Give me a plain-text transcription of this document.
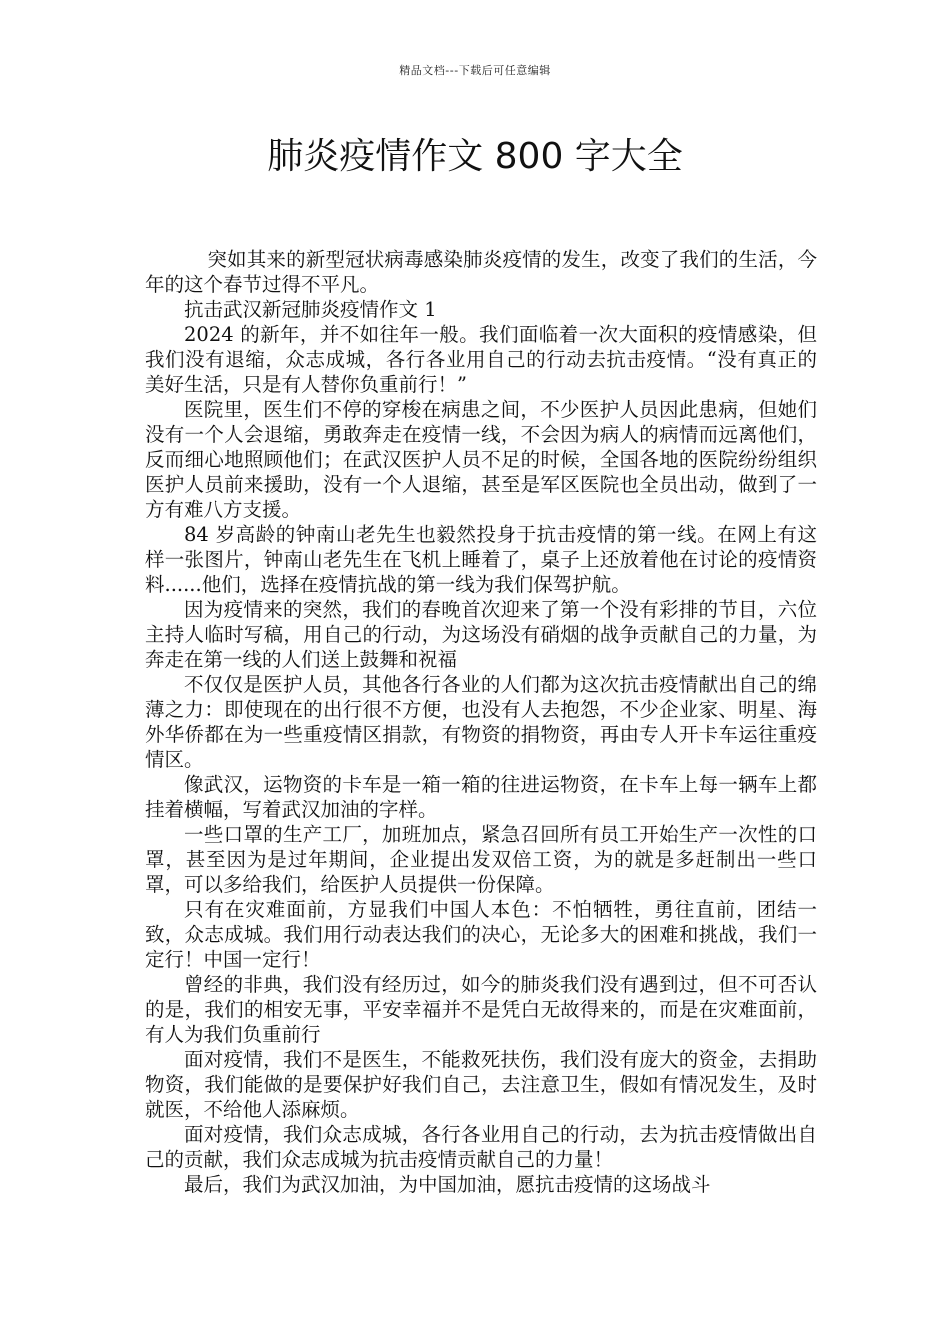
精品文档---下载后可任意编辑
肺炎疫情作文 800 字大全

突如其来的新型冠状病毒感染肺炎疫情的发生，改变了我们的生活，今年的这个春节过得不平凡。

抗击武汉新冠肺炎疫情作文 1

2024 的新年，并不如往年一般。我们面临着一次大面积的疫情感染，但我们没有退缩，众志成城，各行各业用自己的行动去抗击疫情。“没有真正的美好生活，只是有人替你负重前行！”

医院里，医生们不停的穿梭在病患之间，不少医护人员因此患病，但她们没有一个人会退缩，勇敢奔走在疫情一线，不会因为病人的病情而远离他们，反而细心地照顾他们；在武汉医护人员不足的时候，全国各地的医院纷纷组织医护人员前来援助，没有一个人退缩，甚至是军区医院也全员出动，做到了一方有难八方支援。

84 岁高龄的钟南山老先生也毅然投身于抗击疫情的第一线。在网上有这样一张图片，钟南山老先生在飞机上睡着了，桌子上还放着他在讨论的疫情资料......他们，选择在疫情抗战的第一线为我们保驾护航。

因为疫情来的突然，我们的春晚首次迎来了第一个没有彩排的节目，六位主持人临时写稿，用自己的行动，为这场没有硝烟的战争贡献自己的力量，为奔走在第一线的人们送上鼓舞和祝福

不仅仅是医护人员，其他各行各业的人们都为这次抗击疫情献出自己的绵薄之力：即使现在的出行很不方便，也没有人去抱怨，不少企业家、明星、海外华侨都在为一些重疫情区捐款，有物资的捐物资，再由专人开卡车运往重疫情区。

像武汉，运物资的卡车是一箱一箱的往进运物资，在卡车上每一辆车上都挂着横幅，写着武汉加油的字样。

一些口罩的生产工厂，加班加点，紧急召回所有员工开始生产一次性的口罩，甚至因为是过年期间，企业提出发双倍工资，为的就是多赶制出一些口罩，可以多给我们，给医护人员提供一份保障。

只有在灾难面前，方显我们中国人本色：不怕牺牲，勇往直前，团结一致，众志成城。我们用行动表达我们的决心，无论多大的困难和挑战，我们一定行！中国一定行！

曾经的非典，我们没有经历过，如今的肺炎我们没有遇到过，但不可否认的是，我们的相安无事，平安幸福并不是凭白无故得来的，而是在灾难面前，有人为我们负重前行

面对疫情，我们不是医生，不能救死扶伤，我们没有庞大的资金，去捐助物资，我们能做的是要保护好我们自己，去注意卫生，假如有情况发生，及时就医，不给他人添麻烦。

面对疫情，我们众志成城，各行各业用自己的行动，去为抗击疫情做出自己的贡献，我们众志成城为抗击疫情贡献自己的力量！

最后，我们为武汉加油，为中国加油，愿抗击疫情的这场战斗
